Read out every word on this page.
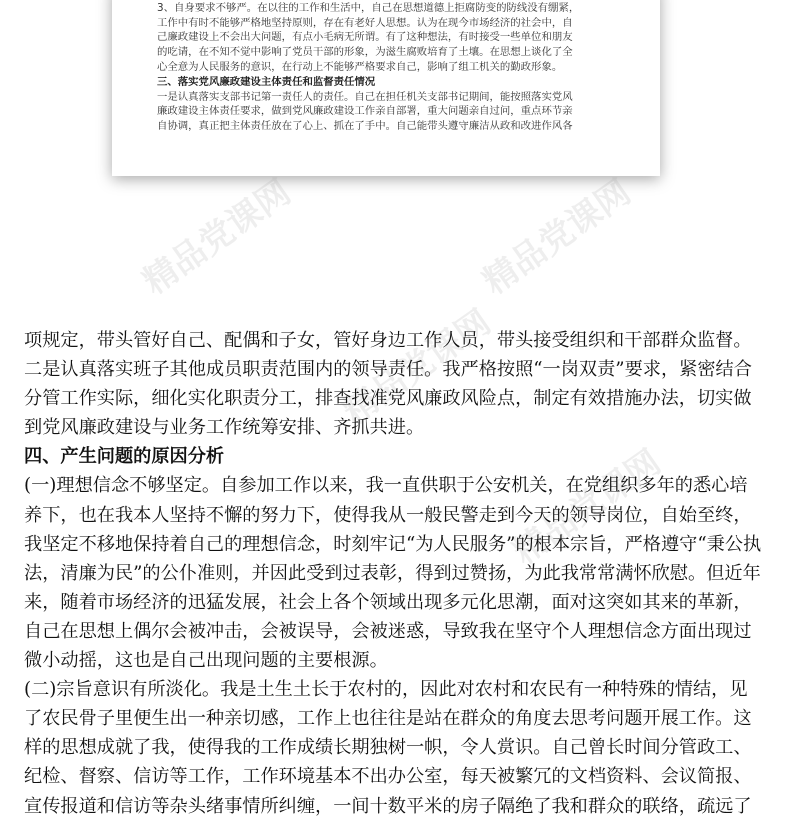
3、自身要求不够严。在以往的工作和生活中，自己在思想道德上拒腐防变的防线没有绷紧，

工作中有时不能够严格地坚持原则，存在有老好人思想。认为在现今市场经济的社会中，自

己廉政建设上不会出大问题，有点小毛病无所谓。有了这种想法，有时接受一些单位和朋友

的吃请，在不知不觉中影响了党员干部的形象，为滋生腐败培育了土壤。在思想上谈化了全

心全意为人民服务的意识，在行动上不能够严格要求自己，影响了组工机关的勤政形象。

三、落实党风廉政建设主体责任和监督责任情况

一是认真落实支部书记第一责任人的责任。自己在担任机关支部书记期间，能按照落实党风

廉政建设主体责任要求，做到党风廉政建设工作亲自部署，重大问题亲自过问，重点环节亲

自协调，真正把主体责任放在了心上、抓在了手中。自己能带头遵守廉洁从政和改进作风各

精品党课网	精品党课网
精品党课网
精品党课网

项规定，带头管好自己、配偶和子女，管好身边工作人员，带头接受组织和干部群众监督。

二是认真落实班子其他成员职责范围内的领导责任。我严格按照“一岗双责”要求，紧密结合

分管工作实际，细化实化职责分工，排查找准党风廉政风险点，制定有效措施办法，切实做

到党风廉政建设与业务工作统筹安排、齐抓共进。

四、产生问题的原因分析

(一)理想信念不够坚定。自参加工作以来，我一直供职于公安机关，在党组织多年的悉心培

养下，也在我本人坚持不懈的努力下，使得我从一般民警走到今天的领导岗位，自始至终，

我坚定不移地保持着自己的理想信念，时刻牢记“为人民服务”的根本宗旨，严格遵守“秉公执

法，清廉为民”的公仆准则，并因此受到过表彰，得到过赞扬，为此我常常满怀欣慰。但近年

来，随着市场经济的迅猛发展，社会上各个领域出现多元化思潮，面对这突如其来的革新，

自己在思想上偶尔会被冲击，会被误导，会被迷惑，导致我在坚守个人理想信念方面出现过

微小动摇，这也是自己出现问题的主要根源。

(二)宗旨意识有所淡化。我是土生土长于农村的，因此对农村和农民有一种特殊的情结，见

了农民骨子里便生出一种亲切感，工作上也往往是站在群众的角度去思考问题开展工作。这

样的思想成就了我，使得我的工作成绩长期独树一帜，令人赏识。自己曾长时间分管政工、

纪检、督察、信访等工作，工作环境基本不出办公室，每天被繁冗的文档资料、会议简报、

宣传报道和信访等杂头绪事情所纠缠，一间十数平米的房子隔绝了我和群众的联络，疏远了
